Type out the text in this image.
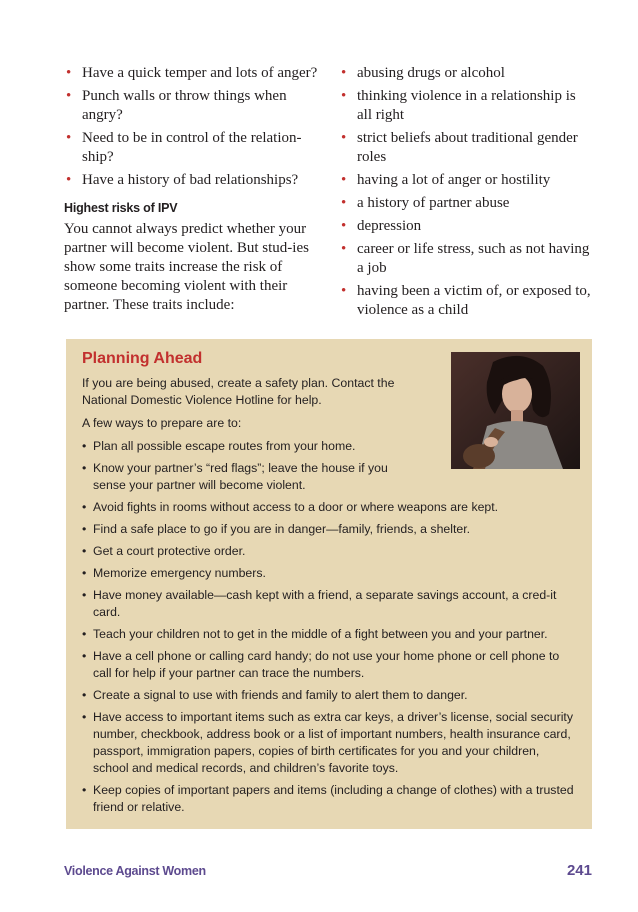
• Have a quick temper and lots of anger?
• Punch walls or throw things when angry?
• Need to be in control of the relation-ship?
• Have a history of bad relationships?
Highest risks of IPV

You cannot always predict whether your partner will become violent. But stud-ies show some traits increase the risk of someone becoming violent with their partner. These traits include:

• abusing drugs or alcohol
• thinking violence in a relationship is all right
• strict beliefs about traditional gender roles
• having a lot of anger or hostility
• a history of partner abuse
• depression
• career or life stress, such as not having a job
• having been a victim of, or exposed to, violence as a child
Planning Ahead

If you are being abused, create a safety plan. Contact the National Domestic Violence Hotline for help.

A few ways to prepare are to:

• Plan all possible escape routes from your home.
• Know your partner’s “red flags”; leave the house if you sense your partner will become violent.
• Avoid fights in rooms without access to a door or where weapons are kept.
• Find a safe place to go if you are in danger—family, friends, a shelter.
• Get a court protective order.
• Memorize emergency numbers.
• Have money available—cash kept with a friend, a separate savings account, a cred-it card.
• Teach your children not to get in the middle of a fight between you and your partner.
• Have a cell phone or calling card handy; do not use your home phone or cell phone to call for help if your partner can trace the numbers.
• Create a signal to use with friends and family to alert them to danger.
• Have access to important items such as extra car keys, a driver’s license, social security number, checkbook, address book or a list of important numbers, health insurance card, passport, immigration papers, copies of birth certificates for you and your children, school and medical records, and children’s favorite toys.
• Keep copies of important papers and items (including a change of clothes) with a trusted friend or relative.
Violence Against Women	241
